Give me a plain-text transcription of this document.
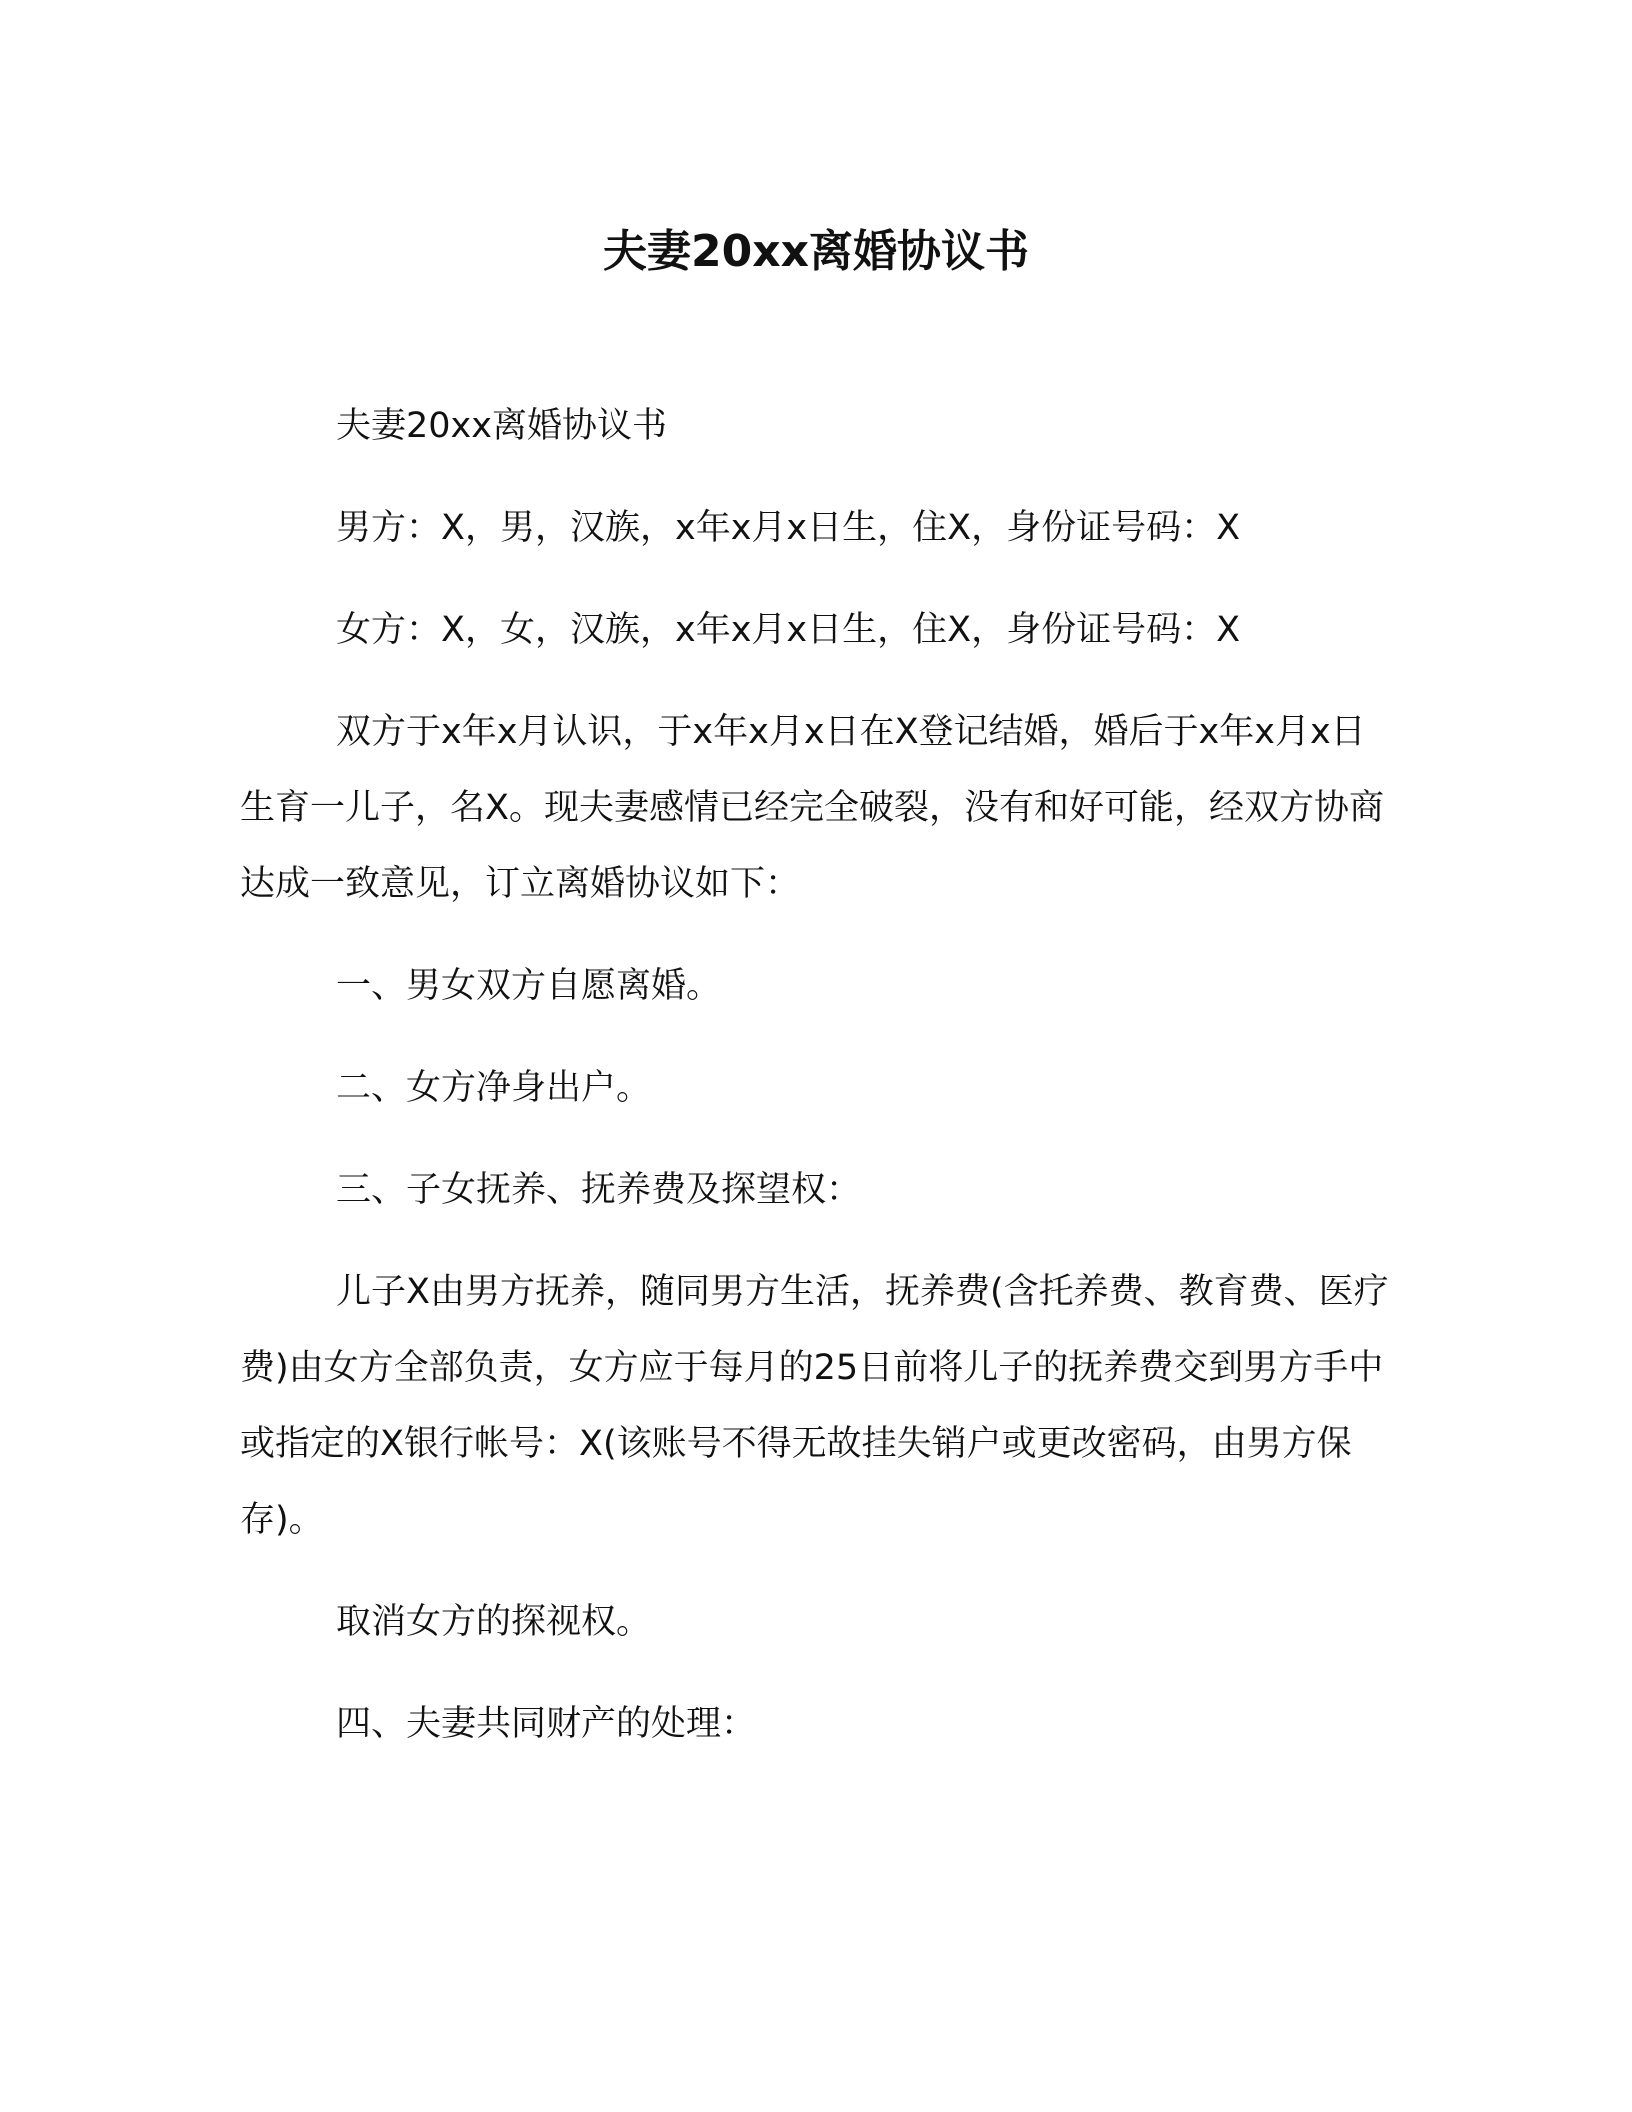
夫妻20xx离婚协议书

夫妻20xx离婚协议书

男方：X，男，汉族，x年x月x日生，住X，身份证号码：X

女方：X，女，汉族，x年x月x日生，住X，身份证号码：X

双方于x年x月认识，于x年x月x日在X登记结婚，婚后于x年x月x日生育一儿子，名X。现夫妻感情已经完全破裂，没有和好可能，经双方协商达成一致意见，订立离婚协议如下：

一、男女双方自愿离婚。

二、女方净身出户。

三、子女抚养、抚养费及探望权：

儿子X由男方抚养，随同男方生活，抚养费(含托养费、教育费、医疗费)由女方全部负责，女方应于每月的25日前将儿子的抚养费交到男方手中或指定的X银行帐号：X(该账号不得无故挂失销户或更改密码，由男方保存)。

取消女方的探视权。

四、夫妻共同财产的处理：
